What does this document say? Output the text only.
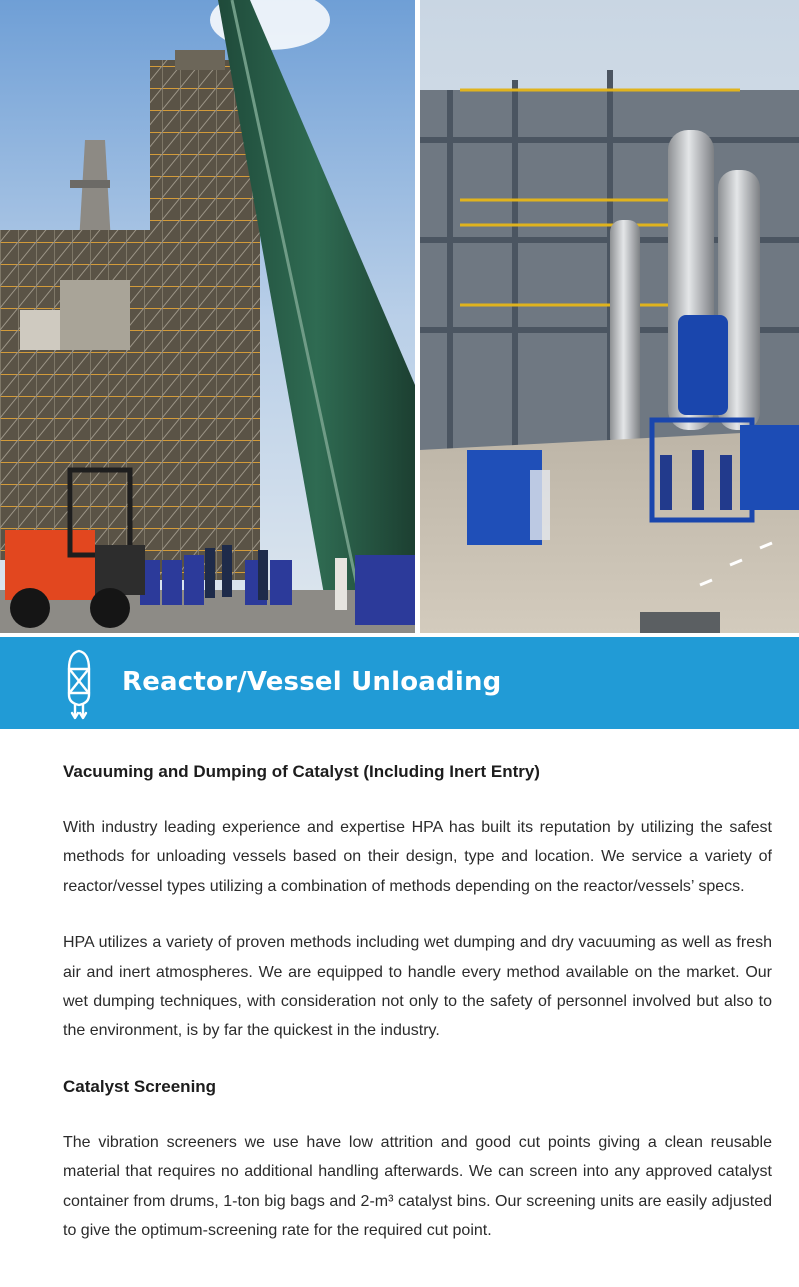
Reactor/Vessel Unloading
Vacuuming and Dumping of Catalyst (Including Inert Entry)

With industry leading experience and expertise HPA has built its reputation by utilizing the safest methods for unloading vessels based on their design, type and location. We service a variety of reactor/vessel types utilizing a combination of methods depending on the reactor/vessels’ specs.

HPA utilizes a variety of proven methods including wet dumping and dry vacuuming as well as fresh air and inert atmospheres. We are equipped to handle every method available on the market. Our wet dumping techniques, with consideration not only to the safety of personnel involved but also to the environment, is by far the quickest in the industry.

Catalyst Screening

The vibration screeners we use have low attrition and good cut points giving a clean reusable material that requires no additional handling afterwards. We can screen into any approved catalyst container from drums, 1-ton big bags and 2-m³ catalyst bins. Our screening units are easily adjusted to give the optimum-screening rate for the required cut point.
